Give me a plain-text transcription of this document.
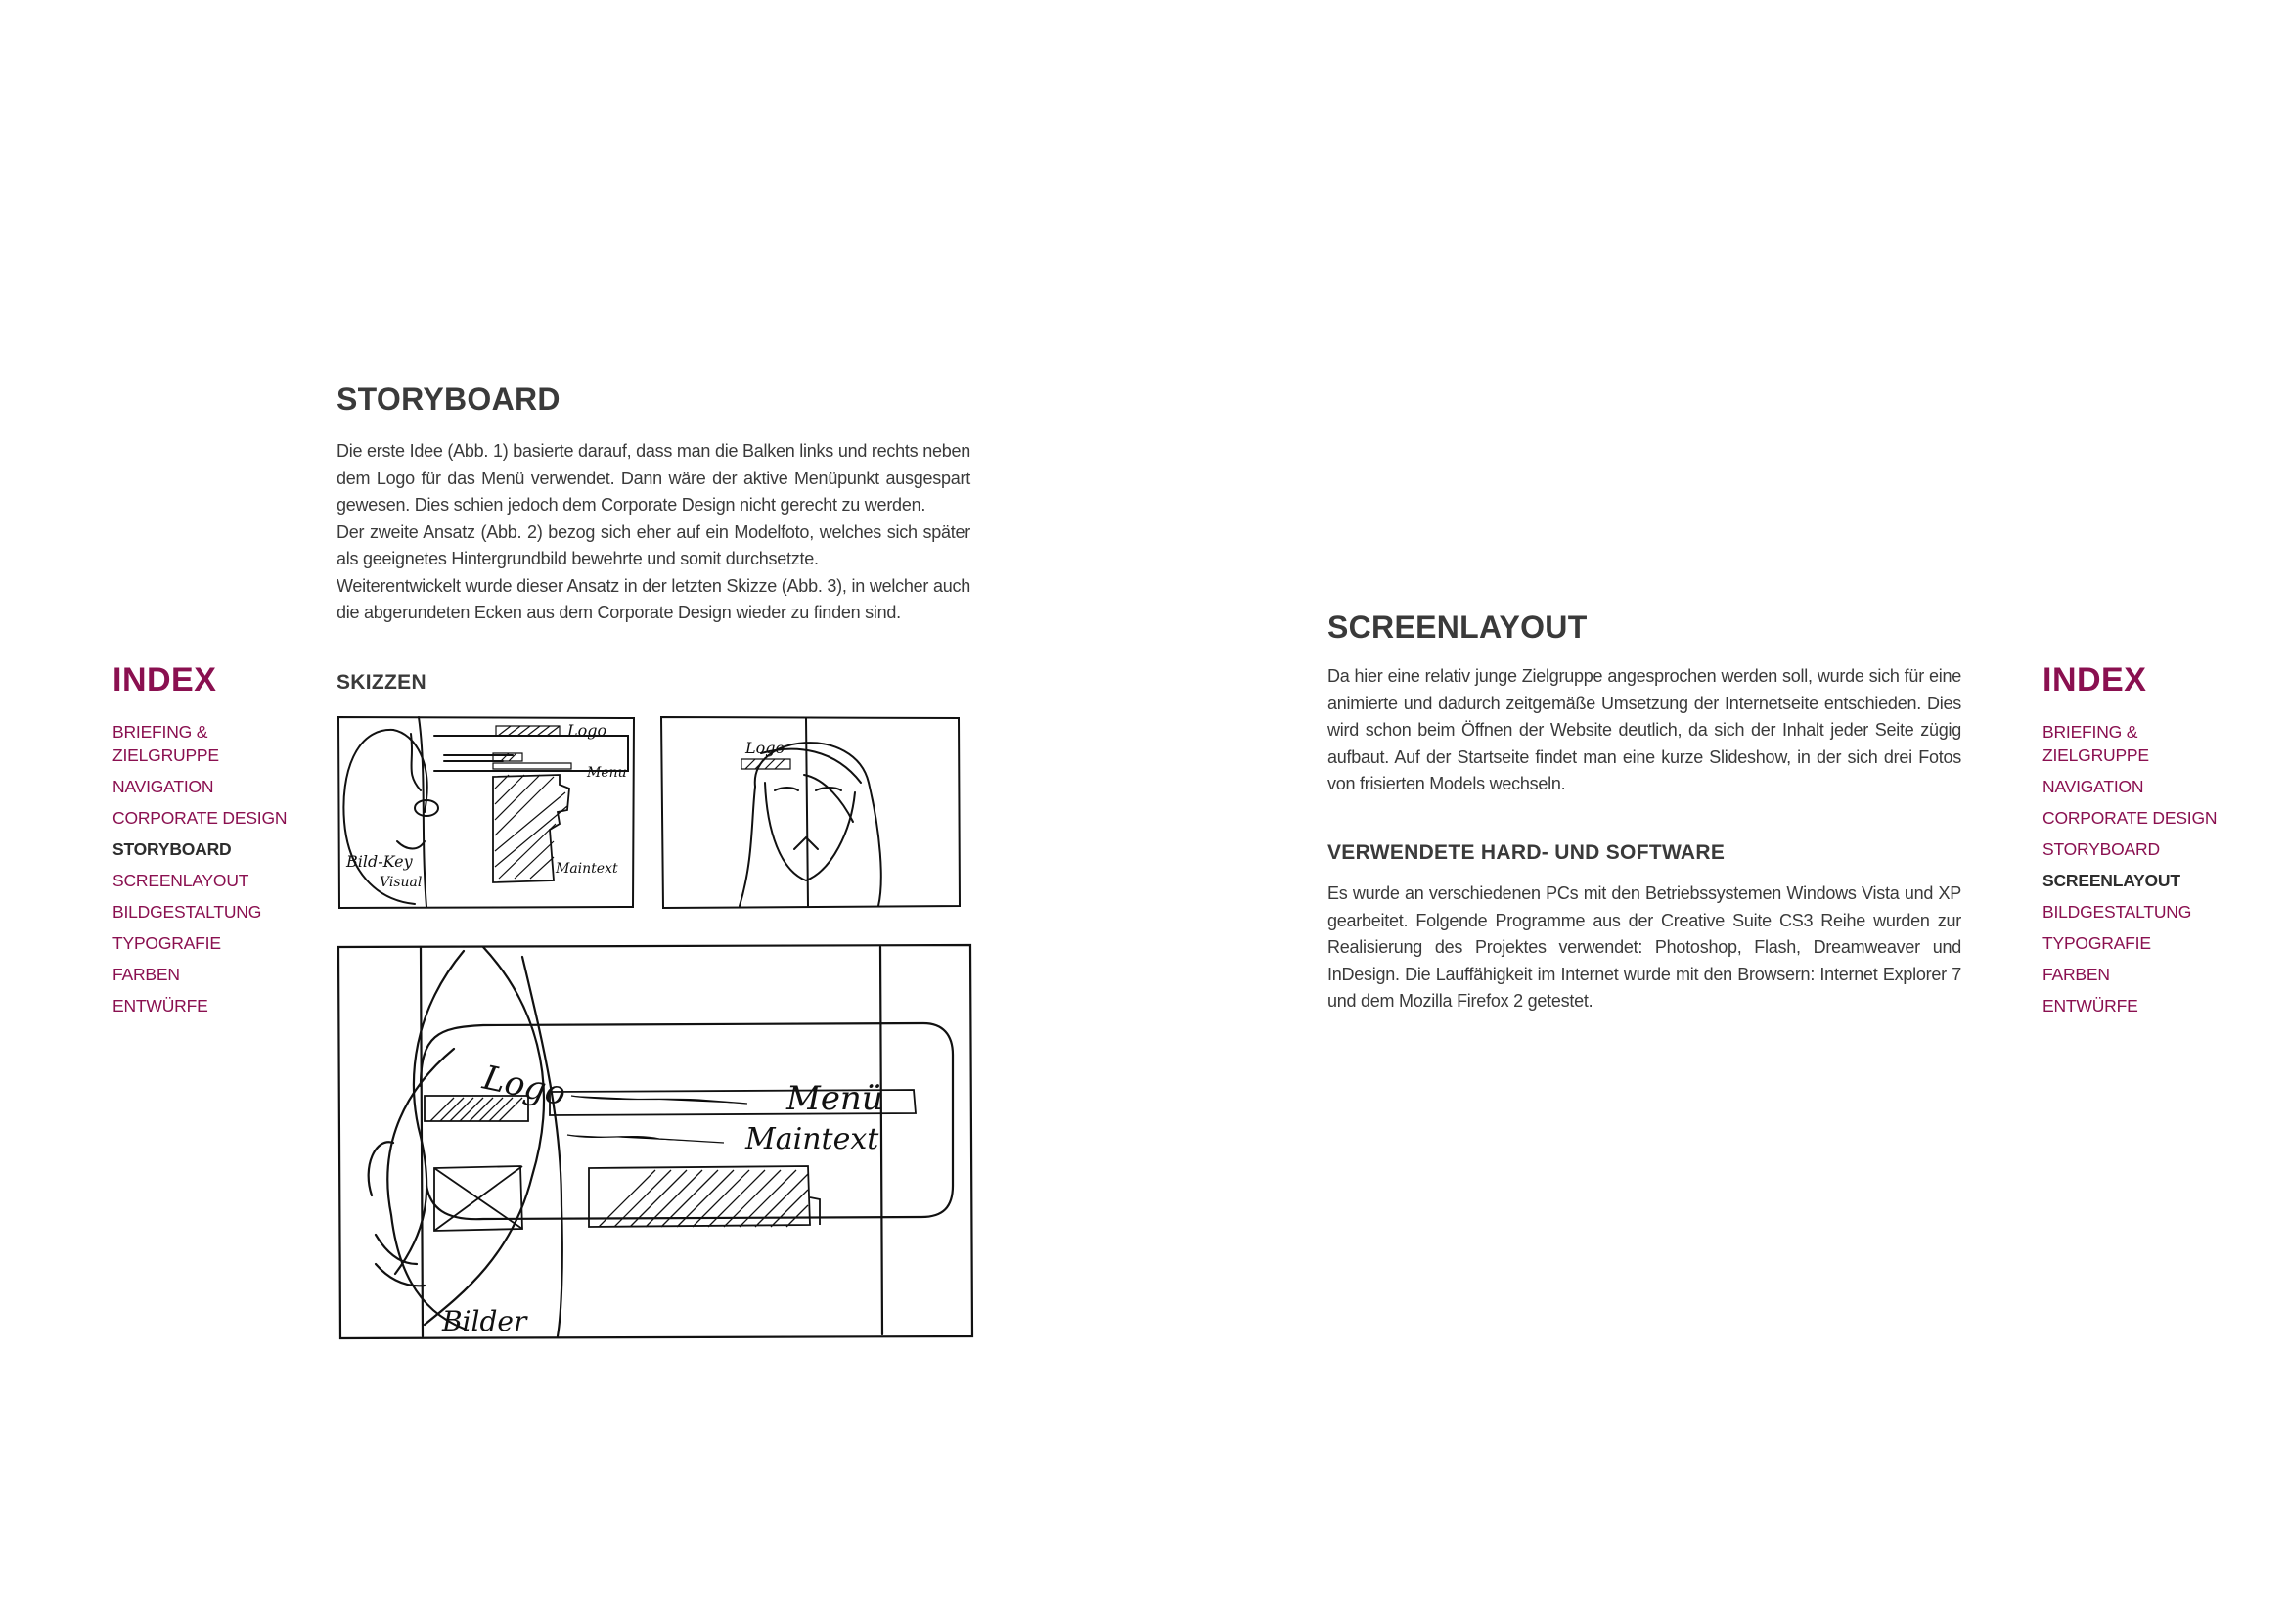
INDEX
BRIEFING &
ZIELGRUPPE
NAVIGATION
CORPORATE DESIGN
STORYBOARD
SCREENLAYOUT
BILDGESTALTUNG
TYPOGRAFIE
FARBEN
ENTWÜRFE
STORYBOARD

Die erste Idee (Abb. 1) basierte darauf, dass man die Balken links und rechts neben dem Logo für das Menü verwendet. Dann wäre der aktive Menüpunkt ausgespart gewesen. Dies schien jedoch dem Corporate Design nicht gerecht zu werden.

Der zweite Ansatz (Abb. 2) bezog sich eher auf ein Modelfoto, welches sich später als geeignetes Hintergrundbild bewehrte und somit durchsetzte.

Weiterentwickelt wurde dieser Ansatz in der letzten Skizze (Abb. 3), in welcher auch die abgerundeten Ecken aus dem Corporate Design wieder zu finden sind.

SKIZZEN
Logo
Menu
Maintext
Bild-Key
Visual
Logo
Logo	Menü
Maintext
Bilder
SCREENLAYOUT

Da hier eine relativ junge Zielgruppe angesprochen werden soll, wurde sich für eine animierte und dadurch zeitgemäße Umsetzung der Internetseite entschieden. Dies wird schon beim Öffnen der Website deutlich, da sich der Inhalt jeder Seite zügig aufbaut. Auf der Startseite findet man eine kurze Slideshow, in der sich drei Fotos von frisierten Models wechseln.

VERWENDETE HARD- UND SOFTWARE

Es wurde an verschiedenen PCs mit den Betriebssystemen Windows Vista und XP gearbeitet. Folgende Programme aus der Creative Suite CS3 Reihe wurden zur Realisierung des Projektes verwendet: Photoshop, Flash, Dreamweaver und InDesign. Die Lauffähigkeit im Internet wurde mit den Browsern: Internet Explorer 7 und dem Mozilla Firefox 2 getestet.

INDEX
BRIEFING &
ZIELGRUPPE
NAVIGATION
CORPORATE DESIGN
STORYBOARD
SCREENLAYOUT
BILDGESTALTUNG
TYPOGRAFIE
FARBEN
ENTWÜRFE
